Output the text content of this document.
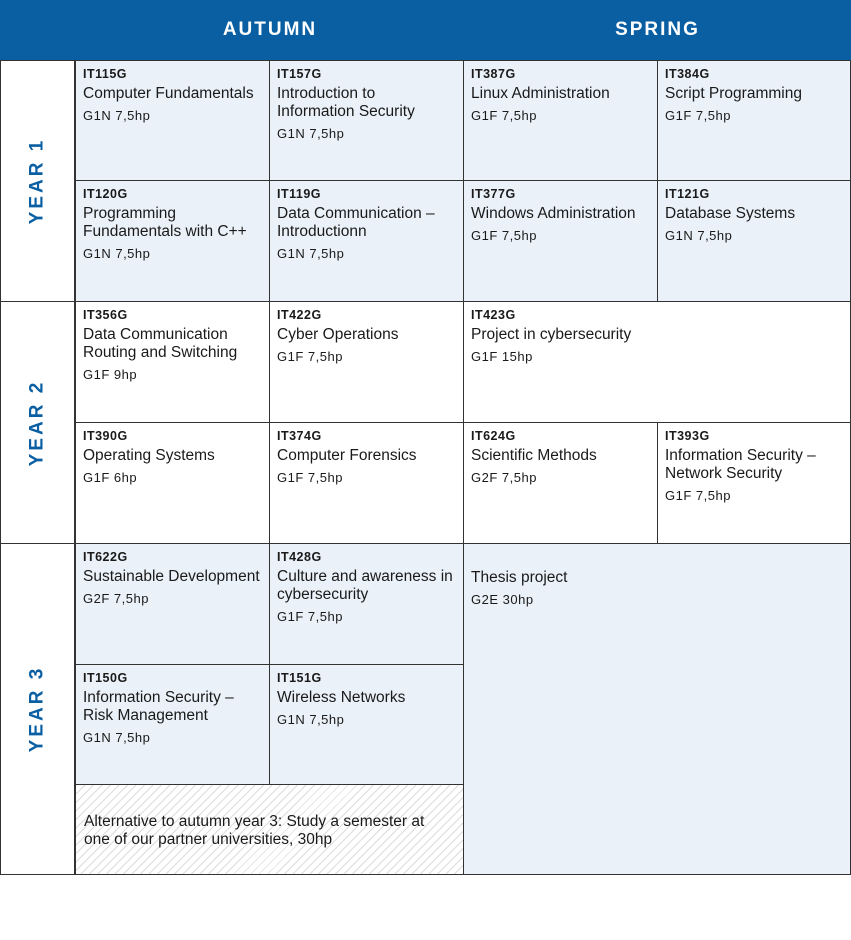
AUTUMN	SPRING
YEAR 1
YEAR 2
YEAR 3
IT115G
Computer Fundamentals
G1N 7,5hp
IT157G
Introduction to Information Security
G1N 7,5hp
IT387G
Linux Administration
G1F 7,5hp
IT384G
Script Programming
G1F 7,5hp
IT120G
Programming Fundamentals with C++
G1N 7,5hp
IT119G
Data Communication – Introductionn
G1N 7,5hp
IT377G
Windows Administration
G1F 7,5hp
IT121G
Database Systems
G1N 7,5hp
IT356G
Data Communication Routing and Switching
G1F 9hp
IT422G
Cyber Operations
G1F 7,5hp
IT423G
Project in cybersecurity
G1F 15hp
IT390G
Operating Systems
G1F 6hp
IT374G
Computer Forensics
G1F 7,5hp
IT624G
Scientific Methods
G2F 7,5hp
IT393G
Information Security – Network Security
G1F 7,5hp
IT622G
Sustainable Development
G2F 7,5hp
IT428G
Culture and awareness in cybersecurity
G1F 7,5hp
Thesis project
G2E 30hp
IT150G
Information Security – Risk Management
G1N 7,5hp
IT151G
Wireless Networks
G1N 7,5hp
Alternative to autumn year 3: Study a semester at one of our partner universities, 30hp
